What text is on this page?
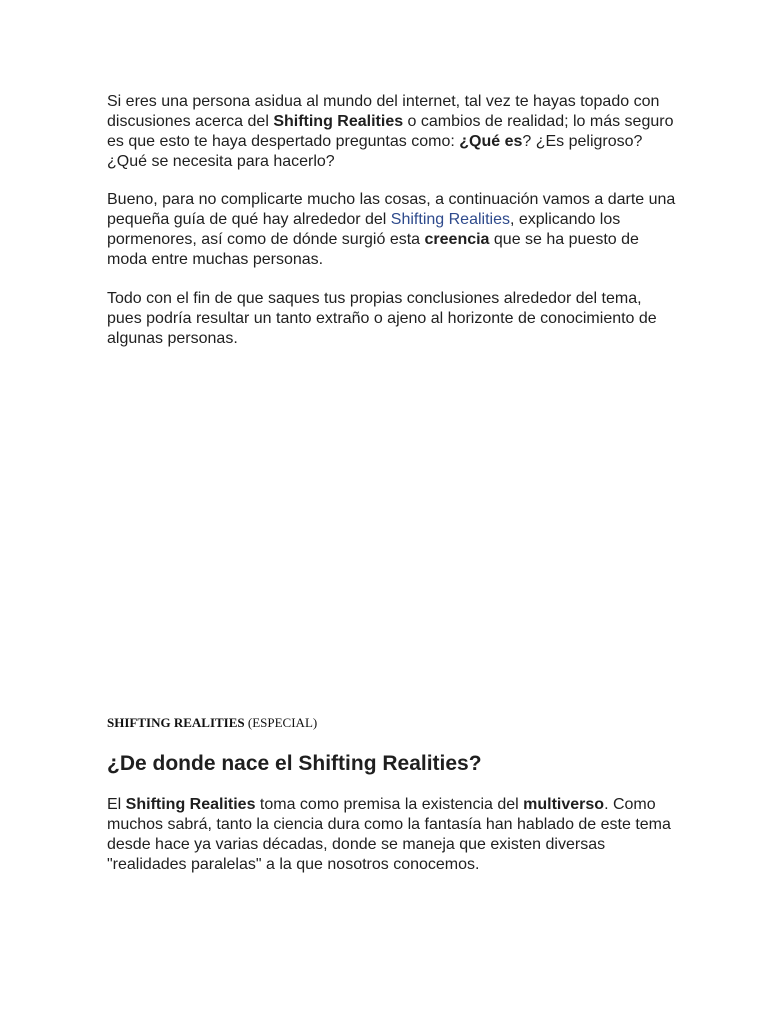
Si eres una persona asidua al mundo del internet, tal vez te hayas topado con discusiones acerca del Shifting Realities o cambios de realidad; lo más seguro es que esto te haya despertado preguntas como: ¿Qué es? ¿Es peligroso? ¿Qué se necesita para hacerlo?

Bueno, para no complicarte mucho las cosas, a continuación vamos a darte una pequeña guía de qué hay alrededor del Shifting Realities, explicando los pormenores, así como de dónde surgió esta creencia que se ha puesto de moda entre muchas personas.

Todo con el fin de que saques tus propias conclusiones alrededor del tema, pues podría resultar un tanto extraño o ajeno al horizonte de conocimiento de algunas personas.

SHIFTING REALITIES (ESPECIAL)

¿De donde nace el Shifting Realities?

El Shifting Realities toma como premisa la existencia del multiverso. Como muchos sabrá, tanto la ciencia dura como la fantasía han hablado de este tema desde hace ya varias décadas, donde se maneja que existen diversas "realidades paralelas" a la que nosotros conocemos.
